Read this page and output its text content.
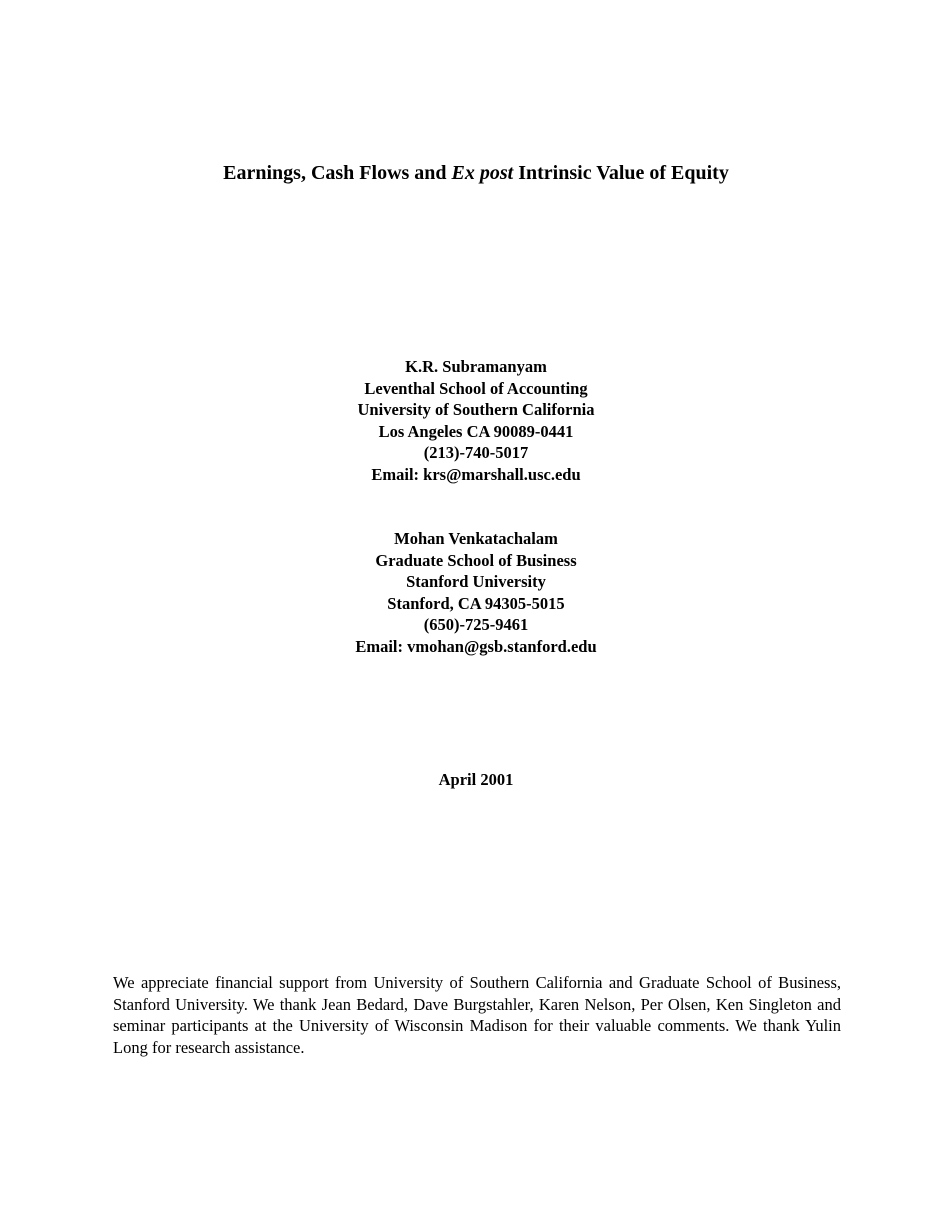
Earnings, Cash Flows and Ex post Intrinsic Value of Equity
K.R. Subramanyam
Leventhal School of Accounting
University of Southern California
Los Angeles CA 90089-0441
(213)-740-5017
Email: krs@marshall.usc.edu
Mohan Venkatachalam
Graduate School of Business
Stanford University
Stanford, CA 94305-5015
(650)-725-9461
Email: vmohan@gsb.stanford.edu
April 2001
We appreciate financial support from University of Southern California and Graduate School of Business, Stanford University. We thank Jean Bedard, Dave Burgstahler, Karen Nelson, Per Olsen, Ken Singleton and seminar participants at the University of Wisconsin Madison for their valuable comments. We thank Yulin Long for research assistance.
